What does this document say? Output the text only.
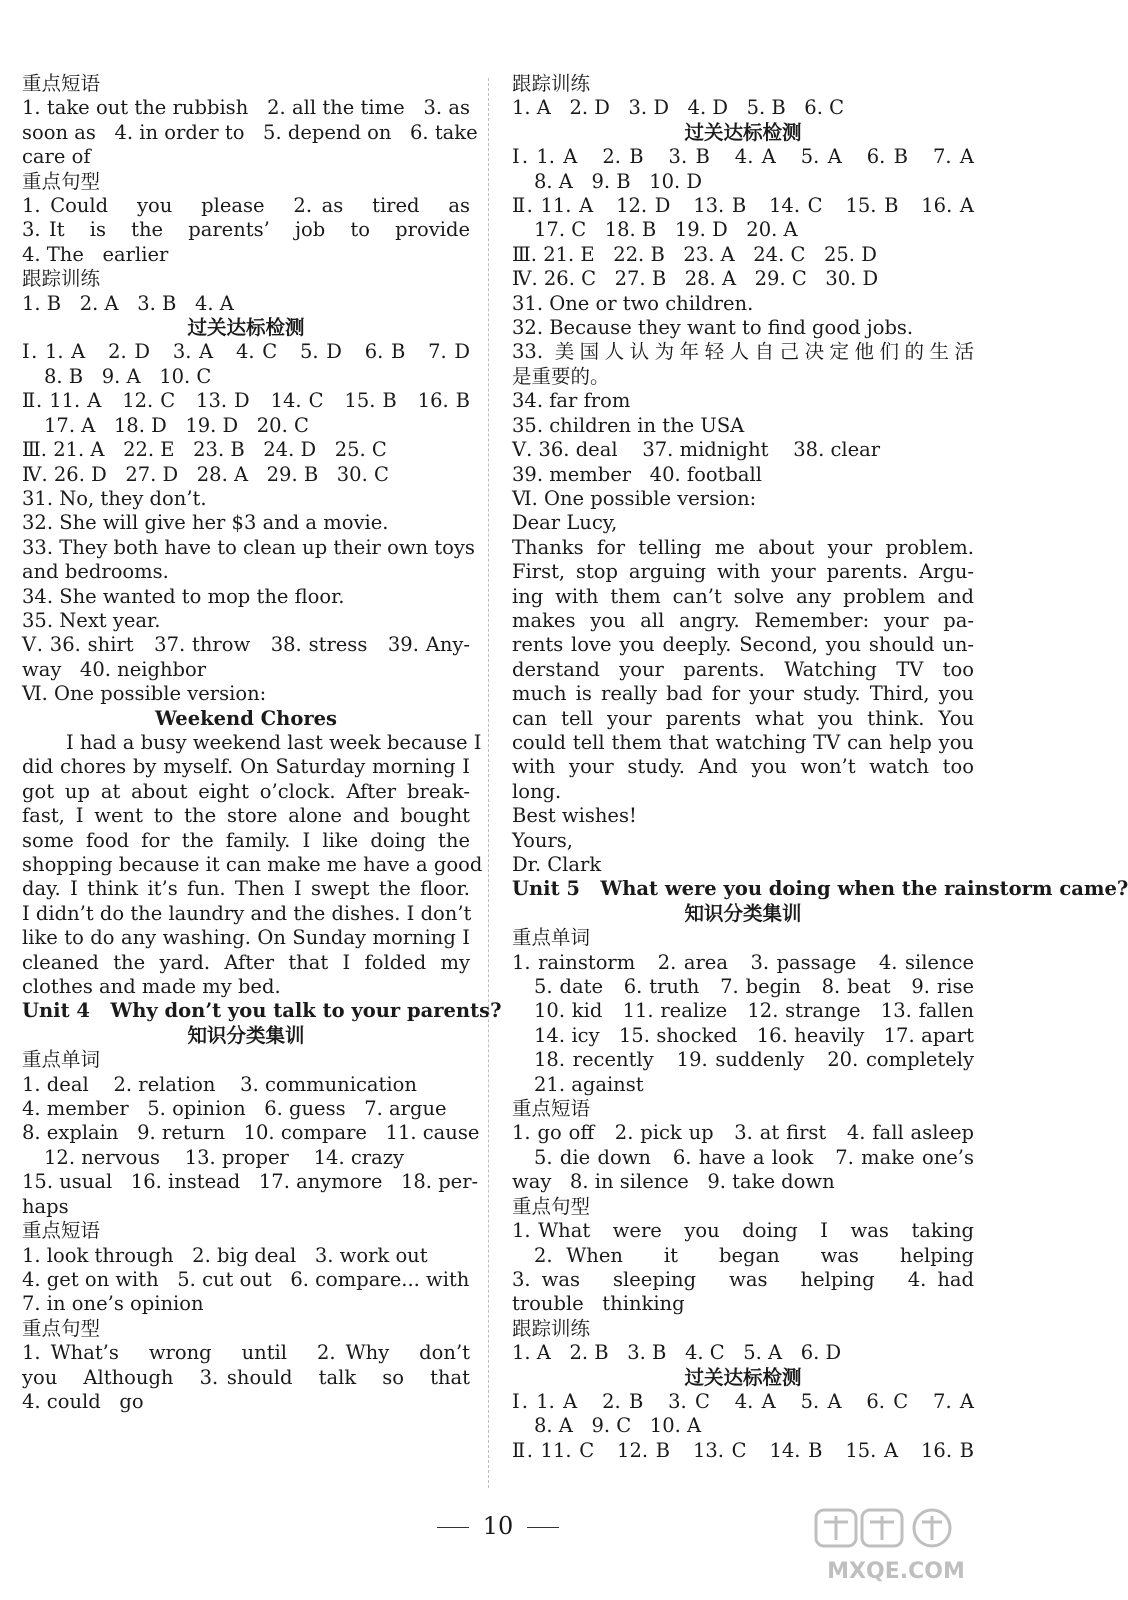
重点短语
1. take out the rubbish   2. all the time   3. as
soon as   4. in order to   5. depend on   6. take
care of
重点句型
1. Could   you   please   2. as   tired   as
3. It   is   the   parents’   job   to   provide
4. The   earlier
跟踪训练
1. B   2. A   3. B   4. A
过关达标检测
Ⅰ. 1. A   2. D   3. A   4. C   5. D   6. B   7. D
8. B   9. A   10. C
Ⅱ. 11. A   12. C   13. D   14. C   15. B   16. B
17. A   18. D   19. D   20. C
Ⅲ. 21. A   22. E   23. B   24. D   25. C
Ⅳ. 26. D   27. D   28. A   29. B   30. C
31. No, they don’t.
32. She will give her $3 and a movie.
33. They both have to clean up their own toys
and bedrooms.
34. She wanted to mop the floor.
35. Next year.
Ⅴ. 36. shirt   37. throw   38. stress   39. Any-
way   40. neighbor
Ⅵ. One possible version:
Weekend Chores
I had a busy weekend last week because I
did chores by myself. On Saturday morning I
got up at about eight o’clock. After break-
fast, I went to the store alone and bought
some food for the family. I like doing the
shopping because it can make me have a good
day. I think it’s fun. Then I swept the floor.
I didn’t do the laundry and the dishes. I don’t
like to do any washing. On Sunday morning I
cleaned the yard. After that I folded my
clothes and made my bed.
Unit 4   Why don’t you talk to your parents?
知识分类集训
重点单词
1. deal    2. relation    3. communication
4. member   5. opinion   6. guess   7. argue
8. explain   9. return   10. compare   11. cause
12. nervous    13. proper    14. crazy
15. usual   16. instead   17. anymore   18. per-
haps
重点短语
1. look through   2. big deal   3. work out
4. get on with   5. cut out   6. compare... with
7. in one’s opinion
重点句型
1. What’s   wrong   until   2. Why   don’t
you   Although   3. should   talk   so   that
4. could   go
跟踪训练
1. A   2. D   3. D   4. D   5. B   6. C
过关达标检测
Ⅰ. 1. A   2. B   3. B   4. A   5. A   6. B   7. A
8. A   9. B   10. D
Ⅱ. 11. A   12. D   13. B   14. C   15. B   16. A
17. C   18. B   19. D   20. A
Ⅲ. 21. E   22. B   23. A   24. C   25. D
Ⅳ. 26. C   27. B   28. A   29. C   30. D
31. One or two children.
32. Because they want to find good jobs.
33. 美国人认为年轻人自己决定他们的生活
是重要的。
34. far from
35. children in the USA
Ⅴ. 36. deal    37. midnight    38. clear
39. member   40. football
Ⅵ. One possible version:
Dear Lucy,
Thanks for telling me about your problem.
First, stop arguing with your parents. Argu-
ing with them can’t solve any problem and
makes you all angry. Remember: your pa-
rents love you deeply. Second, you should un-
derstand your parents. Watching TV too
much is really bad for your study. Third, you
can tell your parents what you think. You
could tell them that watching TV can help you
with your study. And you won’t watch too
long.
Best wishes!
Yours,
Dr. Clark
Unit 5   What were you doing when the rainstorm came?
知识分类集训
重点单词
1. rainstorm   2. area   3. passage   4. silence
5. date   6. truth   7. begin   8. beat   9. rise
10. kid   11. realize   12. strange   13. fallen
14. icy   15. shocked   16. heavily   17. apart
18. recently   19. suddenly   20. completely
21. against
重点短语
1. go off   2. pick up   3. at first   4. fall asleep
5. die down   6. have a look   7. make one’s
way   8. in silence   9. take down
重点句型
1. What   were   you   doing   I   was   taking
2. When   it   began   was   helping
3. was   sleeping   was   helping   4. had
trouble   thinking
跟踪训练
1. A   2. B   3. B   4. C   5. A   6. D
过关达标检测
Ⅰ. 1. A   2. B   3. C   4. A   5. A   6. C   7. A
8. A   9. C   10. A
Ⅱ. 11. C   12. B   13. C   14. B   15. A   16. B
10
MXQE.COM
